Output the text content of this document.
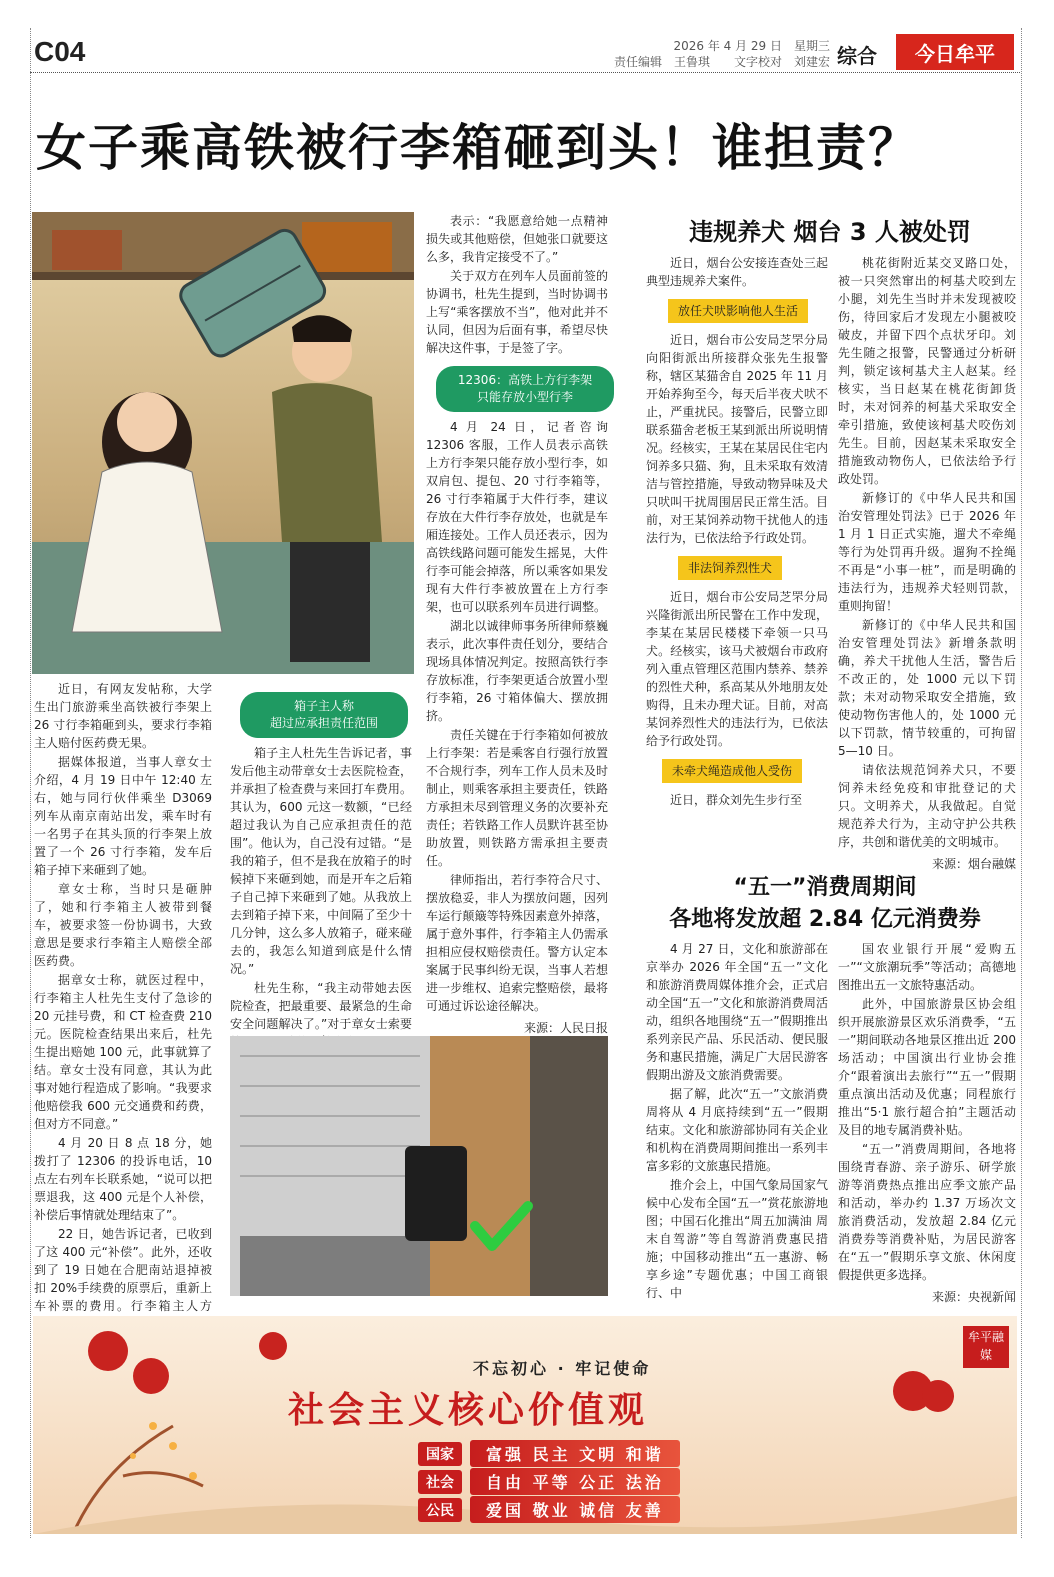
C04	2026 年 4 月 29 日　星期三
责任编辑　王鲁琪　　文字校对　刘建宏 综合	今日牟平
女子乘高铁被行李箱砸到头！谁担责？

近日，有网友发帖称，大学生出门旅游乘坐高铁被行李架上 26 寸行李箱砸到头，要求行李箱主人赔付医药费无果。

据媒体报道，当事人章女士介绍，4 月 19 日中午 12:40 左右，她与同行伙伴乘坐 D3069 列车从南京南站出发，乘车时有一名男子在其头顶的行李架上放置了一个 26 寸行李箱，发车后箱子掉下来砸到了她。

章女士称，当时只是砸肿了，她和行李箱主人被带到餐车，被要求签一份协调书，大致意思是要求行李箱主人赔偿全部医药费。

据章女士称，就医过程中，行李箱主人杜先生支付了急诊的 20 元挂号费，和 CT 检查费 210 元。医院检查结果出来后，杜先生提出赔她 100 元，此事就算了结。章女士没有同意，其认为此事对她行程造成了影响。“我要求他赔偿我 600 元交通费和药费，但对方不同意。”

4 月 20 日 8 点 18 分，她拨打了 12306 的投诉电话，10 点左右列车长联系她，“说可以把票退我，这 400 元是个人补偿，补偿后事情就处理结束了”。

22 日，她告诉记者，已收到了这 400 元“补偿”。此外，还收到了 19 日她在合肥南站退掉被扣 20%手续费的原票后，重新上车补票的费用。行李箱主人方

箱子主人称
超过应承担责任范围

箱子主人杜先生告诉记者，事发后他主动带章女士去医院检查，并承担了检查费与来回打车费用。其认为，600 元这一数额，“已经超过我认为自己应承担责任的范围”。他认为，自己没有过错。“是我的箱子，但不是我在放箱子的时候掉下来砸到她，而是开车之后箱子自己掉下来砸到了她。从我放上去到箱子掉下来，中间隔了至少十几分钟，这么多人放箱子，碰来碰去的，我怎么知道到底是什么情况。”

杜先生称，“我主动带她去医院检查，把最重要、最紧急的生命安全问题解决了。”对于章女士索要

表示：“我愿意给她一点精神损失或其他赔偿，但她张口就要这么多，我肯定接受不了。”

关于双方在列车人员面前签的协调书，杜先生提到，当时协调书上写“乘客摆放不当”，他对此并不认同，但因为后面有事，希望尽快解决这件事，于是签了字。

12306：高铁上方行李架
只能存放小型行李

4 月 24 日，记者咨询 12306 客服，工作人员表示高铁上方行李架只能存放小型行李，如双肩包、提包、20 寸行李箱等，26 寸行李箱属于大件行李，建议存放在大件行李存放处，也就是车厢连接处。工作人员还表示，因为高铁线路问题可能发生摇晃，大件行李可能会掉落，所以乘客如果发现有大件行李被放置在上方行李架，也可以联系列车员进行调整。

湖北以诚律师事务所律师蔡巍表示，此次事件责任划分，要结合现场具体情况判定。按照高铁行李存放标准，行李架更适合放置小型行李箱，26 寸箱体偏大、摆放拥挤。

责任关键在于行李箱如何被放上行李架：若是乘客自行强行放置不合规行李，列车工作人员未及时制止，则乘客承担主要责任，铁路方承担未尽到管理义务的次要补充责任；若铁路工作人员默许甚至协助放置，则铁路方需承担主要责任。

律师指出，若行李符合尺寸、摆放稳妥，非人为摆放问题，因列车运行颠簸等特殊因素意外掉落，属于意外事件，行李箱主人仍需承担相应侵权赔偿责任。警方认定本案属于民事纠纷无误，当事人若想进一步维权、追索完整赔偿，最将可通过诉讼途径解决。

来源：人民日报
违规养犬 烟台 3 人被处罚

近日，烟台公安接连查处三起典型违规养犬案件。

放任犬吠影响他人生活

近日，烟台市公安局芝罘分局向阳街派出所接群众张先生报警称，辖区某猫舍自 2025 年 11 月开始养狗至今，每天后半夜犬吠不止，严重扰民。接警后，民警立即联系猫舍老板王某到派出所说明情况。经核实，王某在某居民住宅内饲养多只猫、狗，且未采取有效清洁与管控措施，导致动物异味及犬只吠叫干扰周围居民正常生活。目前，对王某饲养动物干扰他人的违法行为，已依法给予行政处罚。

非法饲养烈性犬

近日，烟台市公安局芝罘分局兴隆街派出所民警在工作中发现，李某在某居民楼楼下牵领一只马犬。经核实，该马犬被烟台市政府列入重点管理区范围内禁养、禁养的烈性犬种，系高某从外地朋友处购得，且未办理犬证。目前，对高某饲养烈性犬的违法行为，已依法给予行政处罚。

未牵犬绳造成他人受伤

近日，群众刘先生步行至

桃花街附近某交叉路口处，被一只突然窜出的柯基犬咬到左小腿，刘先生当时并未发现被咬伤，待回家后才发现左小腿被咬破皮，并留下四个点状牙印。刘先生随之报警，民警通过分析研判，锁定该柯基犬主人赵某。经核实，当日赵某在桃花街卸货时，未对饲养的柯基犬采取安全牵引措施，致使该柯基犬咬伤刘先生。目前，因赵某未采取安全措施致动物伤人，已依法给予行政处罚。

新修订的《中华人民共和国治安管理处罚法》已于 2026 年 1 月 1 日正式实施，遛犬不牵绳等行为处罚再升级。遛狗不拴绳不再是“小事一桩”，而是明确的违法行为，违规养犬轻则罚款，重则拘留！

新修订的《中华人民共和国治安管理处罚法》新增条款明确，养犬干扰他人生活，警告后不改正的，处 1000 元以下罚款；未对动物采取安全措施，致使动物伤害他人的，处 1000 元以下罚款，情节较重的，可拘留 5—10 日。

请依法规范饲养犬只，不要饲养未经免疫和审批登记的犬只。文明养犬，从我做起。自觉规范养犬行为，主动守护公共秩序，共创和谐优美的文明城市。

来源：烟台融媒
“五一”消费周期间
各地将发放超 2.84 亿元消费券

4 月 27 日，文化和旅游部在京举办 2026 年全国“五一”文化和旅游消费周媒体推介会，正式启动全国“五一”文化和旅游消费周活动，组织各地围绕“五一”假期推出系列亲民产品、乐民活动、便民服务和惠民措施，满足广大居民游客假期出游及文旅消费需要。

据了解，此次“五一”文旅消费周将从 4 月底持续到“五一”假期结束。文化和旅游部协同有关企业和机构在消费周期间推出一系列丰富多彩的文旅惠民措施。

推介会上，中国气象局国家气候中心发布全国“五一”赏花旅游地图；中国石化推出“周五加满油 周末自驾游”等自驾游消费惠民措施；中国移动推出“五一惠游、畅享乡途”专题优惠；中国工商银行、中

国农业银行开展“爱购五一”“文旅潮玩季”等活动；高德地图推出五一文旅特惠活动。

此外，中国旅游景区协会组织开展旅游景区欢乐消费季，“五一”期间联动各地景区推出近 200 场活动；中国演出行业协会推介“跟着演出去旅行”“五一”假期重点演出活动及优惠；同程旅行推出“5·1 旅行超合拍”主题活动及目的地专属消费补贴。

“五一”消费周期间，各地将围绕青春游、亲子游乐、研学旅游等消费热点推出应季文旅产品和活动，举办约 1.37 万场次文旅消费活动，发放超 2.84 亿元消费券等消费补贴，为居民游客在“五一”假期乐享文旅、休闲度假提供更多选择。

来源：央视新闻
不忘初心 · 牢记使命
社会主义核心价值观
牟平融媒
国家	富强 民主 文明 和谐
社会	自由 平等 公正 法治
公民	爱国 敬业 诚信 友善
